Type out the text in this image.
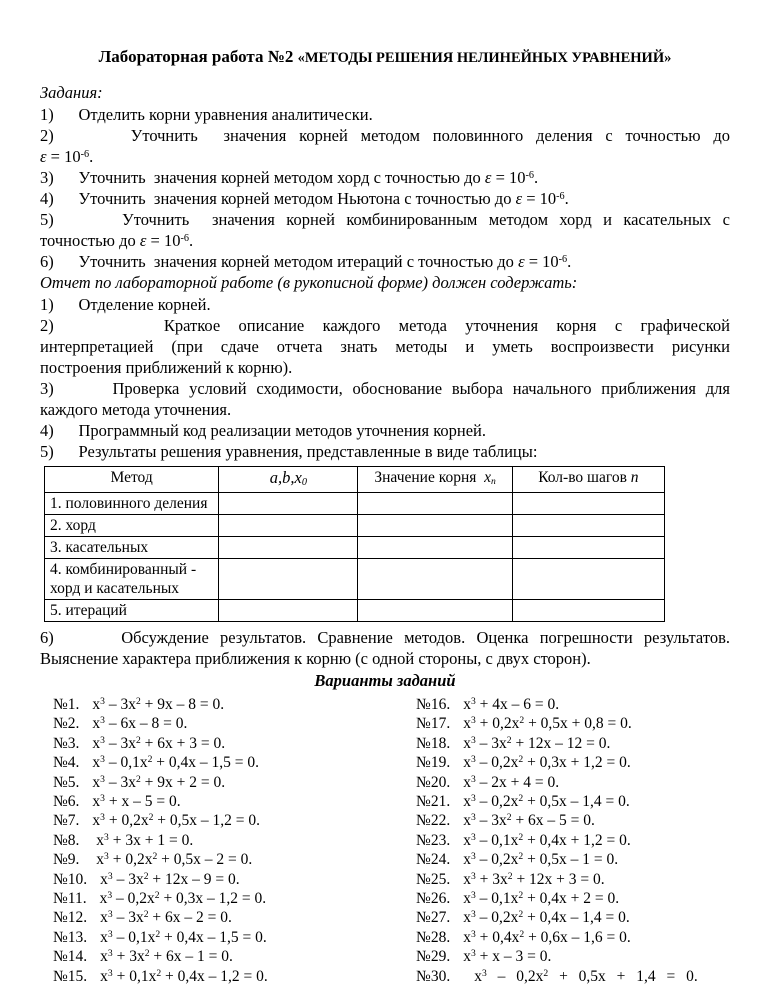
Лабораторная работа №2 «МЕТОДЫ РЕШЕНИЯ НЕЛИНЕЙНЫХ УРАВНЕНИЙ»

Задания:

1)      Отделить корни уравнения аналитически.
2)      Уточнить  значения корней методом половинного деления с точностью до
$\varepsilon = 10^{-6}$.
3)      Уточнить  значения корней методом хорд с точностью до $\varepsilon = 10^{-6}$.
4)      Уточнить  значения корней методом Ньютона с точностью до $\varepsilon = 10^{-6}$.
5)      Уточнить  значения корней комбинированным методом хорд и касательных с
точностью до $\varepsilon = 10^{-6}$.
6)      Уточнить  значения корней методом итераций с точностью до $\varepsilon = 10^{-6}$.

Отчет по лабораторной работе (в рукописной форме) должен содержать:

1)      Отделение корней.
2)      Краткое описание каждого метода уточнения корня с графической
интерпретацией (при сдаче отчета знать методы и уметь воспроизвести рисунки
построения приближений к корню).
3)      Проверка условий сходимости, обоснование выбора начального приближения для
каждого метода уточнения.
4)      Программный код реализации методов уточнения корней.
5)      Результаты решения уравнения, представленные в виде таблицы:
Метод	$a,b,x_0$	Значение корня $x_n$	Кол-во шагов n
1. половинного деления			
2. хорд			
3. касательных			
4. комбинированный - хорд и касательных			
5. итераций			
6)      Обсуждение результатов. Сравнение методов. Оценка погрешности результатов.
Выяснение характера приближения к корню (с одной стороны, с двух сторон).
Варианты заданий
№1. $x^3 - 3x^2 + 9x - 8 = 0$.
№2. $x^3 - 6x - 8 = 0$.
№3. $x^3 - 3x^2 + 6x + 3 = 0$.
№4. $x^3 - 0,1x^2 + 0,4x - 1,5 = 0$.
№5. $x^3 - 3x^2 + 9x + 2 = 0$.
№6. $x^3 + x - 5 = 0$.
№7. $x^3 + 0,2x^2 + 0,5x - 1,2 = 0$.
№8. $x^3 + 3x + 1 = 0$.
№9. $x^3 + 0,2x^2 + 0,5x - 2 = 0$.
№10. $x^3 - 3x^2 + 12x - 9 = 0$.
№11. $x^3 - 0,2x^2 + 0,3x - 1,2 = 0$.
№12. $x^3 - 3x^2 + 6x - 2 = 0$.
№13. $x^3 - 0,1x^2 + 0,4x - 1,5 = 0$.
№14. $x^3 + 3x^2 + 6x - 1 = 0$.
№15. $x^3 + 0,1x^2 + 0,4x - 1,2 = 0$.
№16. $x^3 + 4x - 6 = 0$.
№17. $x^3 + 0,2x^2 + 0,5x + 0,8 = 0$.
№18. $x^3 - 3x^2 + 12x - 12 = 0$.
№19. $x^3 - 0,2x^2 + 0,3x + 1,2 = 0$.
№20. $x^3 - 2x + 4 = 0$.
№21. $x^3 - 0,2x^2 + 0,5x - 1,4 = 0$.
№22. $x^3 - 3x^2 + 6x - 5 = 0$.
№23. $x^3 - 0,1x^2 + 0,4x + 1,2 = 0$.
№24. $x^3 - 0,2x^2 + 0,5x - 1 = 0$.
№25. $x^3 + 3x^2 + 12x + 3 = 0$.
№26. $x^3 - 0,1x^2 + 0,4x + 2 = 0$.
№27. $x^3 - 0,2x^2 + 0,4x - 1,4 = 0$.
№28. $x^3 + 0,4x^2 + 0,6x - 1,6 = 0$.
№29. $x^3 + x - 3 = 0$.
№30. $x^3 - 0,2x^2 + 0,5x + 1,4 = 0$.
